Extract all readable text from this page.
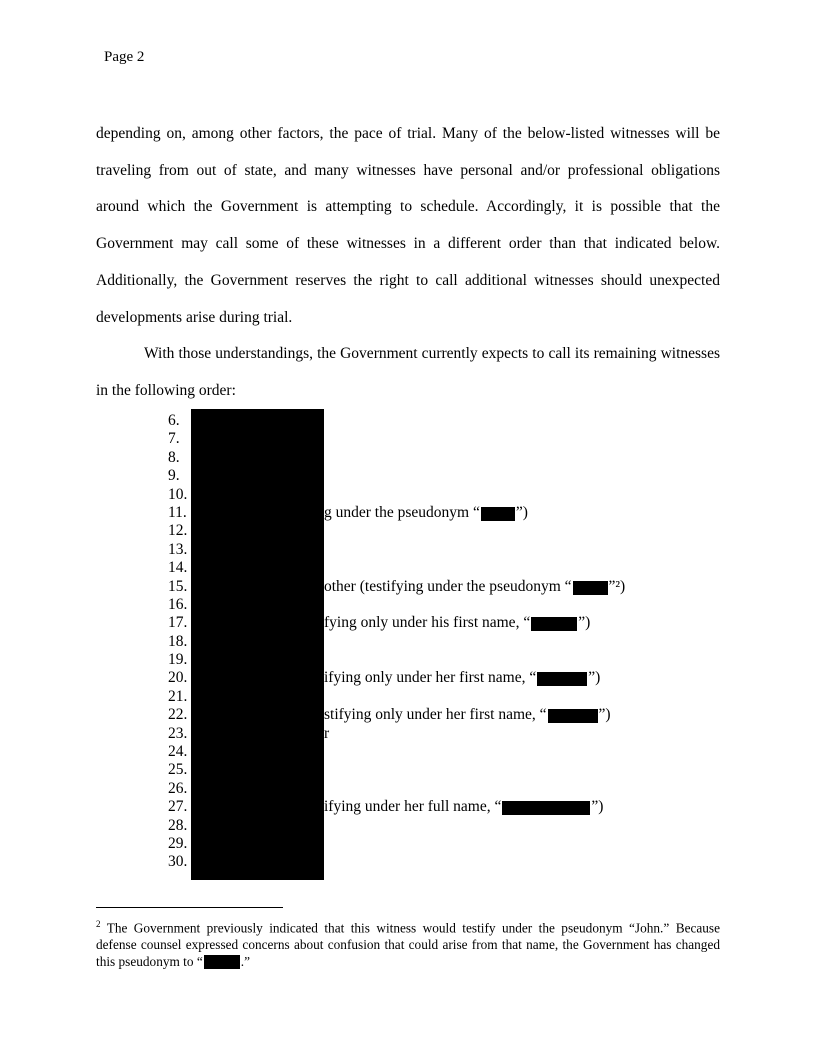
Page 2

depending on, among other factors, the pace of trial. Many of the below-listed witnesses will be traveling from out of state, and many witnesses have personal and/or professional obligations around which the Government is attempting to schedule. Accordingly, it is possible that the Government may call some of these witnesses in a different order than that indicated below. Additionally, the Government reserves the right to call additional witnesses should unexpected developments arise during trial.

With those understandings, the Government currently expects to call its remaining witnesses in the following order:

6.
7.
8.
9.
10.
11.	g under the pseudonym “ ”)
12.
13.
14.
15.	other (testifying under the pseudonym “ ”²)
16.
17.	fying only under his first name, “	”)
18.
19.
20.	ifying only under her first name, “	”)
21.
22.	stifying only under her first name, “	”)
23.	r
24.
25.
26.
27.	ifying under her full name, “	”)
28.
29.
30.
$^2$ The Government previously indicated that this witness would testify under the pseudonym “John.” Because defense counsel expressed concerns about confusion that could arise from that name, the Government has changed this pseudonym to “	.”
